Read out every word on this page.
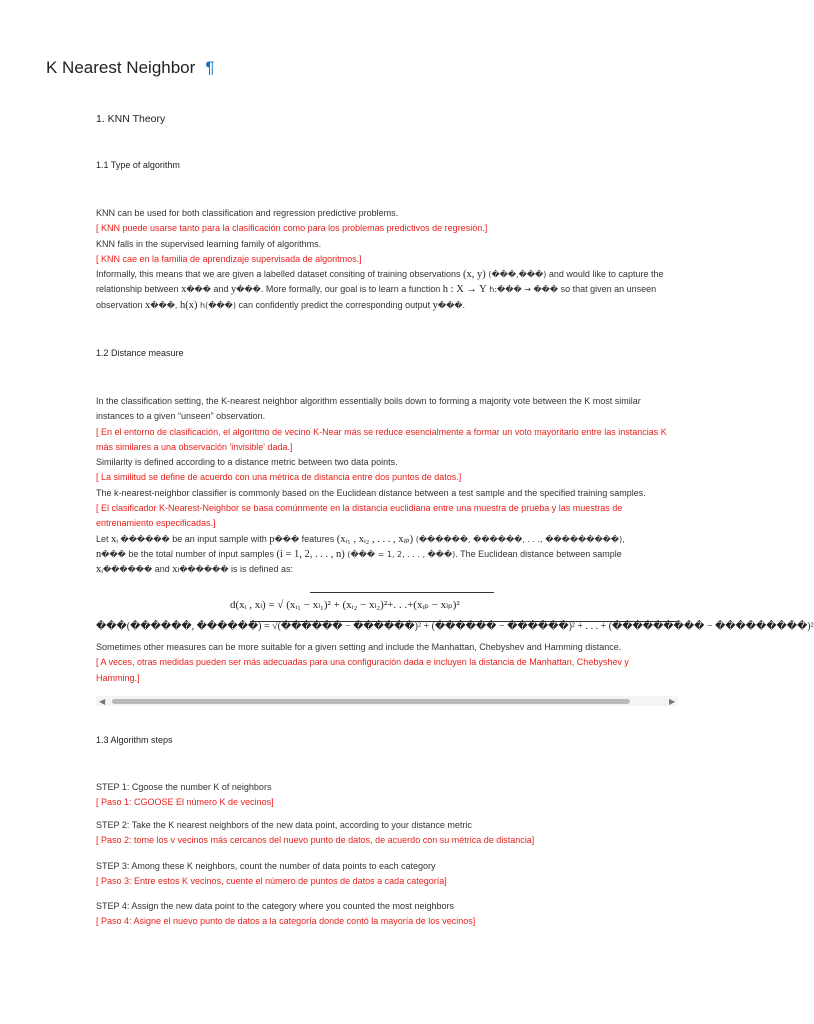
K Nearest Neighbor ¶
1. KNN Theory
1.1 Type of algorithm
KNN can be used for both classification and regression predictive problems.
[ KNN puede usarse tanto para la clasificación como para los problemas predictivos de regresión.]
KNN falls in the supervised learning family of algorithms.
[ KNN cae en la familia de aprendizaje supervisada de algoritmos.]
Informally, this means that we are given a labelled dataset consiting of training observations (x, y) (���,���) and would like to capture the relationship between x��� and y���. More formally, our goal is to learn a function h : X → Y h:��� → ��� so that given an unseen observation x���, h(x) h(���) can confidently predict the corresponding output y���.
1.2 Distance measure
In the classification setting, the K-nearest neighbor algorithm essentially boils down to forming a majority vote between the K most similar instances to a given “unseen” observation.
[ En el entorno de clasificación, el algoritmo de vecino K-Near más se reduce esencialmente a formar un voto mayoritario entre las instancias K más similares a una observación 'invisible' dada.]
Similarity is defined according to a distance metric between two data points.
[ La similitud se define de acuerdo con una métrica de distancia entre dos puntos de datos.]
The k-nearest-neighbor classifier is commonly based on the Euclidean distance between a test sample and the specified training samples.
[ El clasificador K-Nearest-Neighbor se basa comúnmente en la distancia euclidiana entre una muestra de prueba y las muestras de entrenamiento especificadas.]
Let xᵢ ������ be an input sample with p��� features (xᵢ₁ , xᵢ₂ , . . . , xᵢₚ) (������, ������, . . ., ���������),
n��� be the total number of input samples (i = 1, 2, . . . , n) (��� = 1, 2, . . . , ���). The Euclidean distance between sample
xᵢ������ and xₗ������ is is defined as:
d(xᵢ , xₗ) = √ (xᵢ₁ − xₗ₁)² + (xᵢ₂ − xₗ₂)²+. . .+(xᵢₚ − xₗₚ)²
���(������, ������) = √(������ − ������)² + (������ − ������)² + . . . + (��������� − ���������)²
Sometimes other measures can be more suitable for a given setting and include the Manhattan, Chebyshev and Hamming distance.
[ A veces, otras medidas pueden ser más adecuadas para una configuración dada e incluyen la distancia de Manhattan, Chebyshev y Hamming.]
◀	▶
1.3 Algorithm steps
STEP 1: Cgoose the number K of neighbors
[ Paso 1: CGOOSE El número K de vecinos]
STEP 2: Take the K nearest neighbors of the new data point, according to your distance metric
[ Paso 2: tome los v vecinos más cercanos del nuevo punto de datos, de acuerdo con su métrica de distancia]
STEP 3: Among these K neighbors, count the number of data points to each category
[ Paso 3: Entre estos K vecinos, cuente el número de puntos de datos a cada categoría]
STEP 4: Assign the new data point to the category where you counted the most neighbors
[ Paso 4: Asigne el nuevo punto de datos a la categoría donde contó la mayoría de los vecinos]
